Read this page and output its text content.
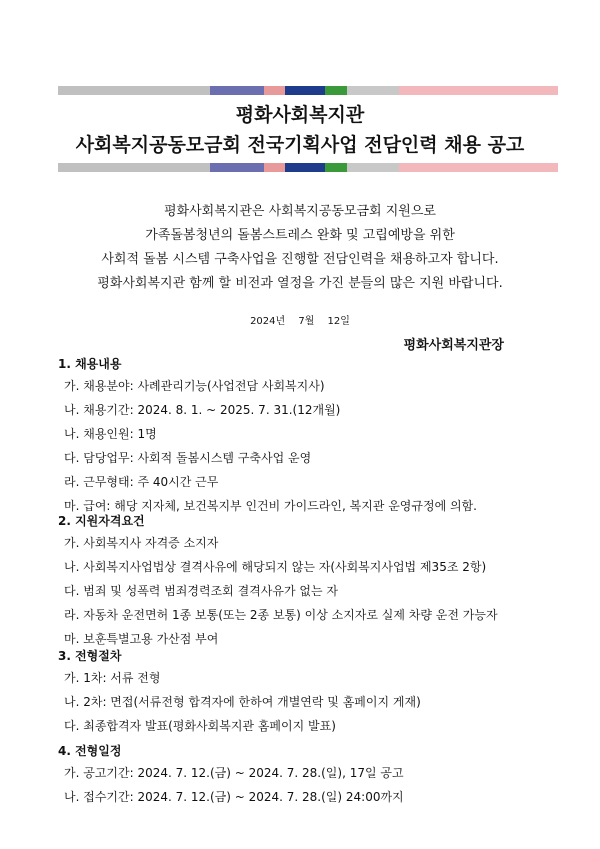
평화사회복지관
사회복지공동모금회 전국기획사업 전담인력 채용 공고
평화사회복지관은 사회복지공동모금회 지원으로
가족돌봄청년의 돌봄스트레스 완화 및 고립예방을 위한
사회적 돌봄 시스템 구축사업을 진행할 전담인력을 채용하고자 합니다.
평화사회복지관 함께 할 비전과 열정을 가진 분들의 많은 지원 바랍니다.
2024년　 7월　 12일
평화사회복지관장
1. 채용내용
가. 채용분야: 사례관리기능(사업전담 사회복지사)
나. 채용기간: 2024. 8. 1. ~ 2025. 7. 31.(12개월)
나. 채용인원: 1명
다. 담당업무: 사회적 돌봄시스템 구축사업 운영
라. 근무형태: 주 40시간 근무
마. 급여: 해당 지자체, 보건복지부 인건비 가이드라인, 복지관 운영규정에 의함.
2. 지원자격요건
가. 사회복지사 자격증 소지자
나. 사회복지사업법상 결격사유에 해당되지 않는 자(사회복지사업법 제35조 2항)
다. 범죄 및 성폭력 범죄경력조회 결격사유가 없는 자
라. 자동차 운전면허 1종 보통(또는 2종 보통) 이상 소지자로 실제 차량 운전 가능자
마. 보훈특별고용 가산점 부여
3. 전형절차
가. 1차: 서류 전형
나. 2차: 면접(서류전형 합격자에 한하여 개별연락 및 홈페이지 게재)
다. 최종합격자 발표(평화사회복지관 홈페이지 발표)
4. 전형일정
가. 공고기간: 2024. 7. 12.(금) ~ 2024. 7. 28.(일), 17일 공고
나. 접수기간: 2024. 7. 12.(금) ~ 2024. 7. 28.(일) 24:00까지
